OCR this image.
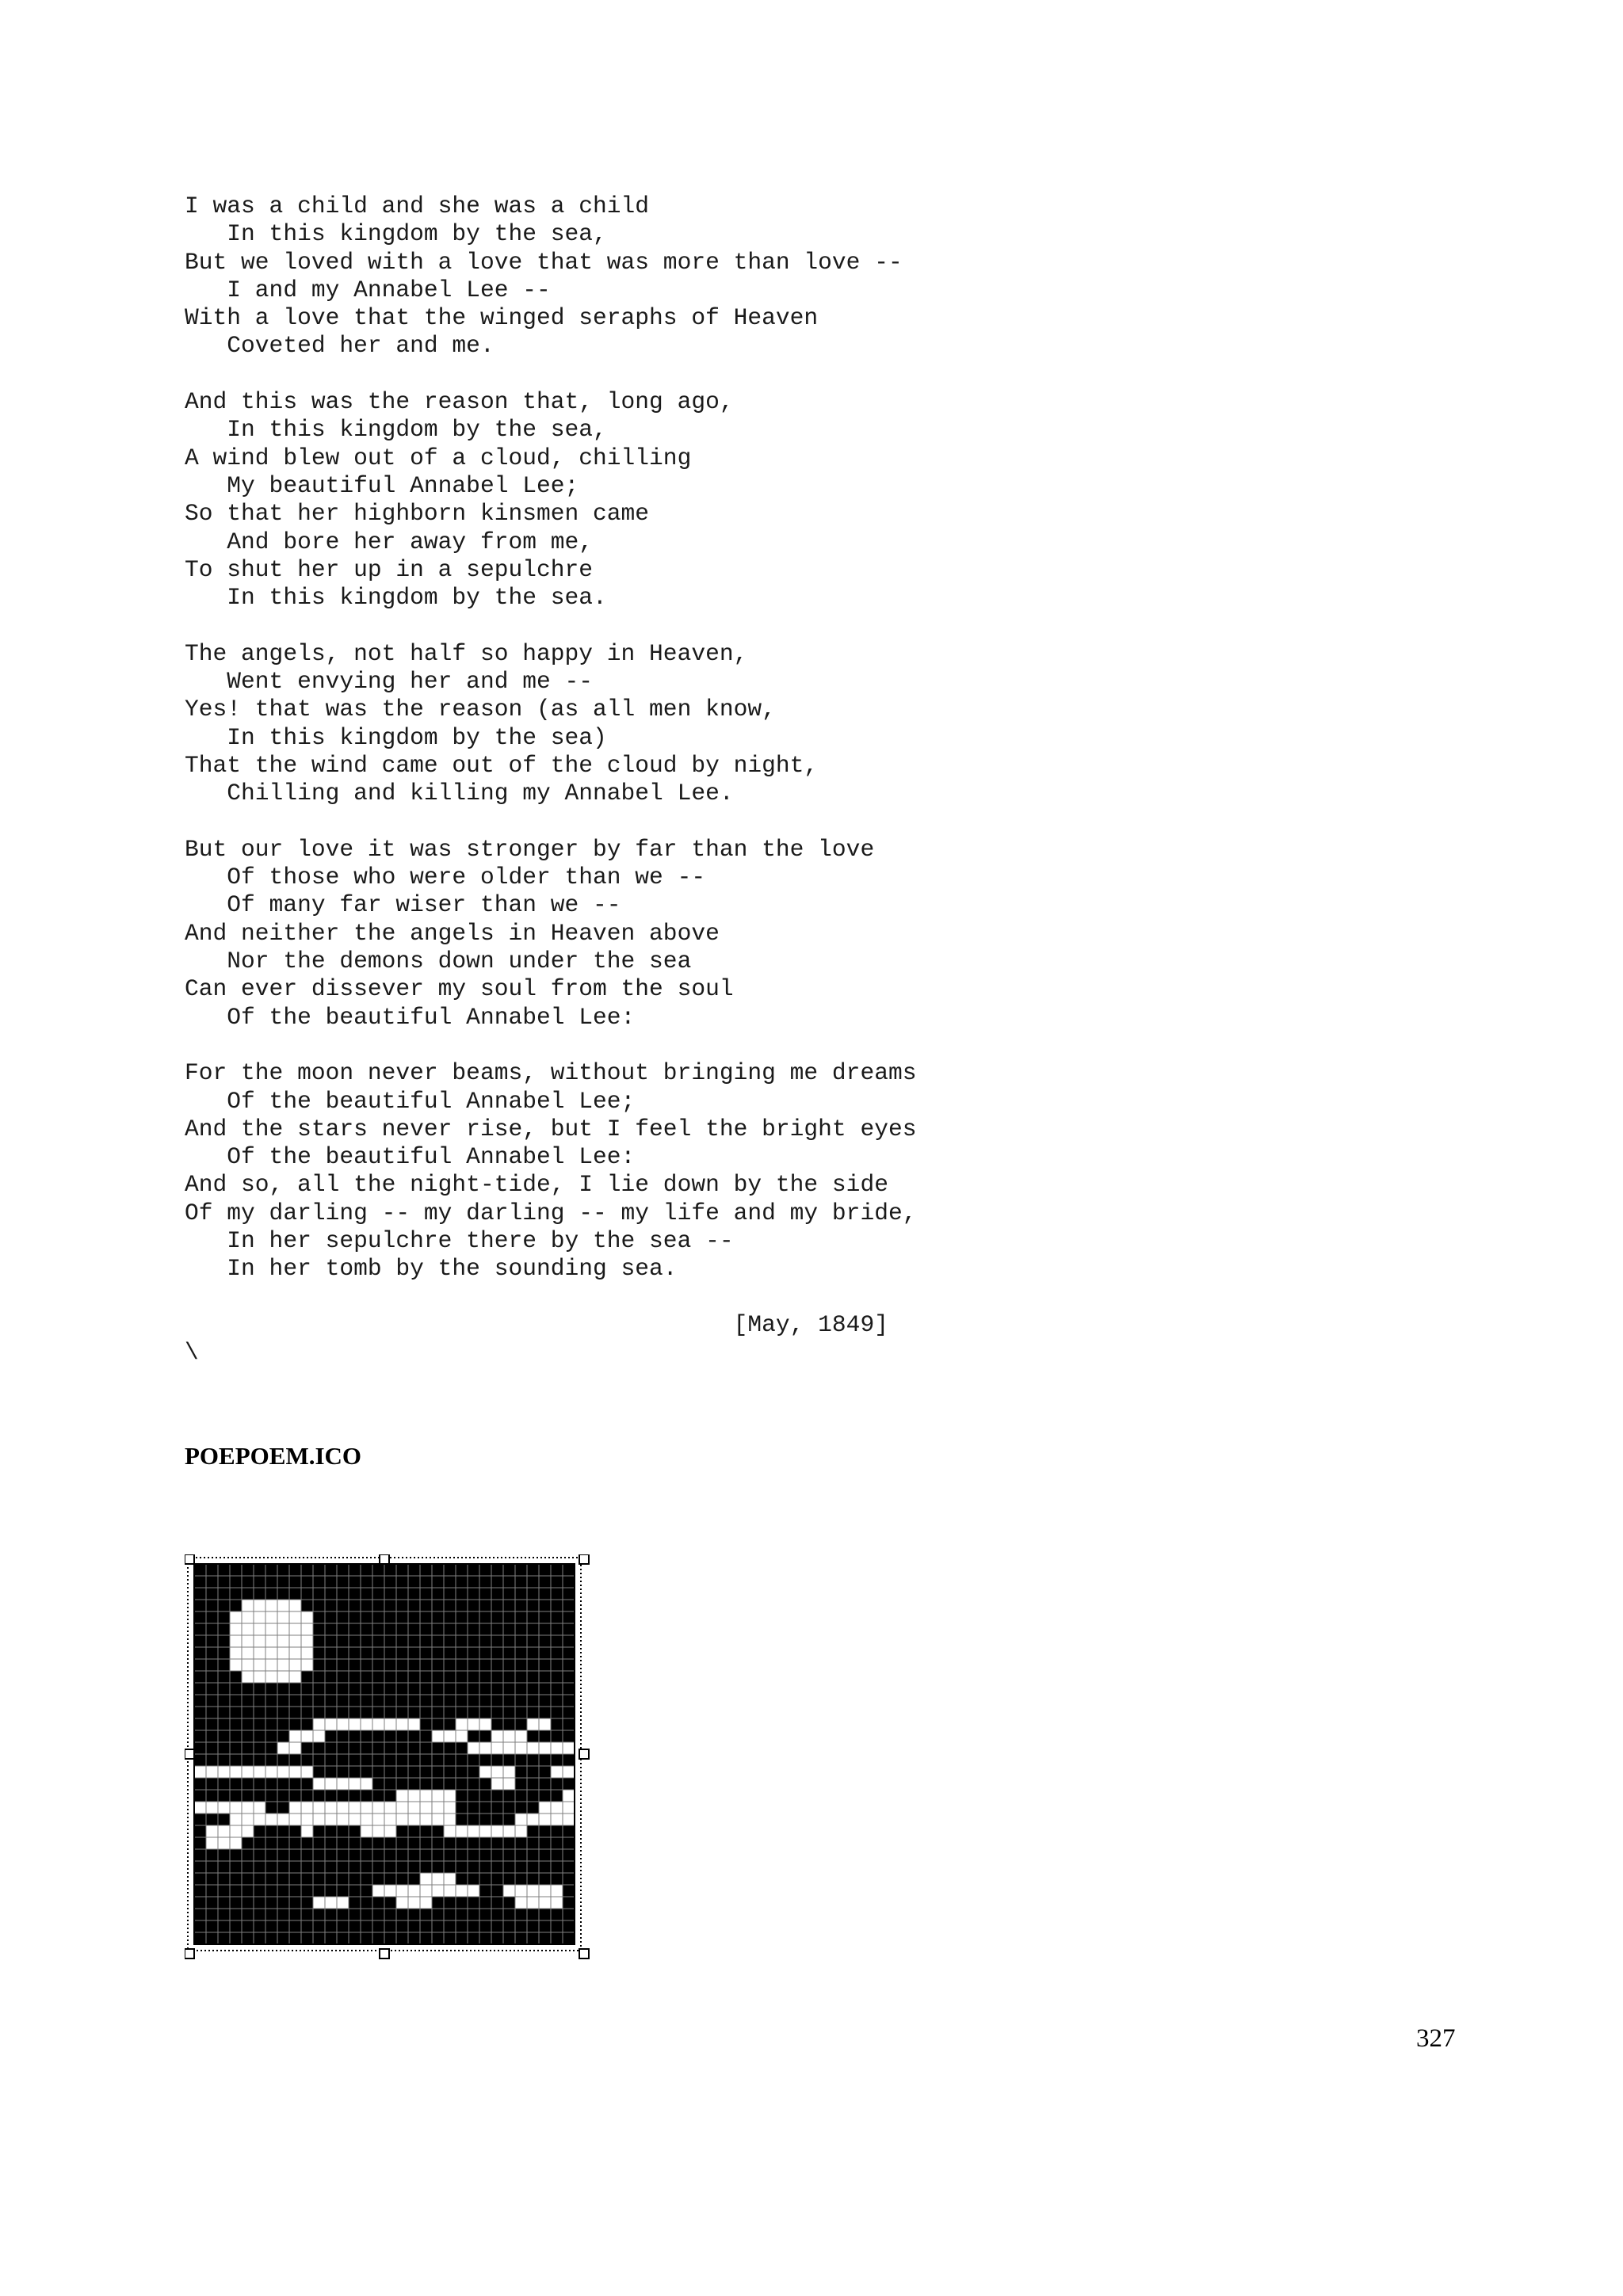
I was a child and she was a child
In this kingdom by the sea,
But we loved with a love that was more than love --
I and my Annabel Lee --
With a love that the winged seraphs of Heaven
Coveted her and me.
And this was the reason that, long ago,
In this kingdom by the sea,
A wind blew out of a cloud, chilling
My beautiful Annabel Lee;
So that her highborn kinsmen came
And bore her away from me,
To shut her up in a sepulchre
In this kingdom by the sea.
The angels, not half so happy in Heaven,
Went envying her and me --
Yes! that was the reason (as all men know,
In this kingdom by the sea)
That the wind came out of the cloud by night,
Chilling and killing my Annabel Lee.
But our love it was stronger by far than the love
Of those who were older than we --
Of many far wiser than we --
And neither the angels in Heaven above
Nor the demons down under the sea
Can ever dissever my soul from the soul
Of the beautiful Annabel Lee:
For the moon never beams, without bringing me dreams
Of the beautiful Annabel Lee;
And the stars never rise, but I feel the bright eyes
Of the beautiful Annabel Lee:
And so, all the night-tide, I lie down by the side
Of my darling -- my darling -- my life and my bride,
In her sepulchre there by the sea --
In her tomb by the sounding sea.
[May, 1849]
\
POEPOEM.ICO
327
